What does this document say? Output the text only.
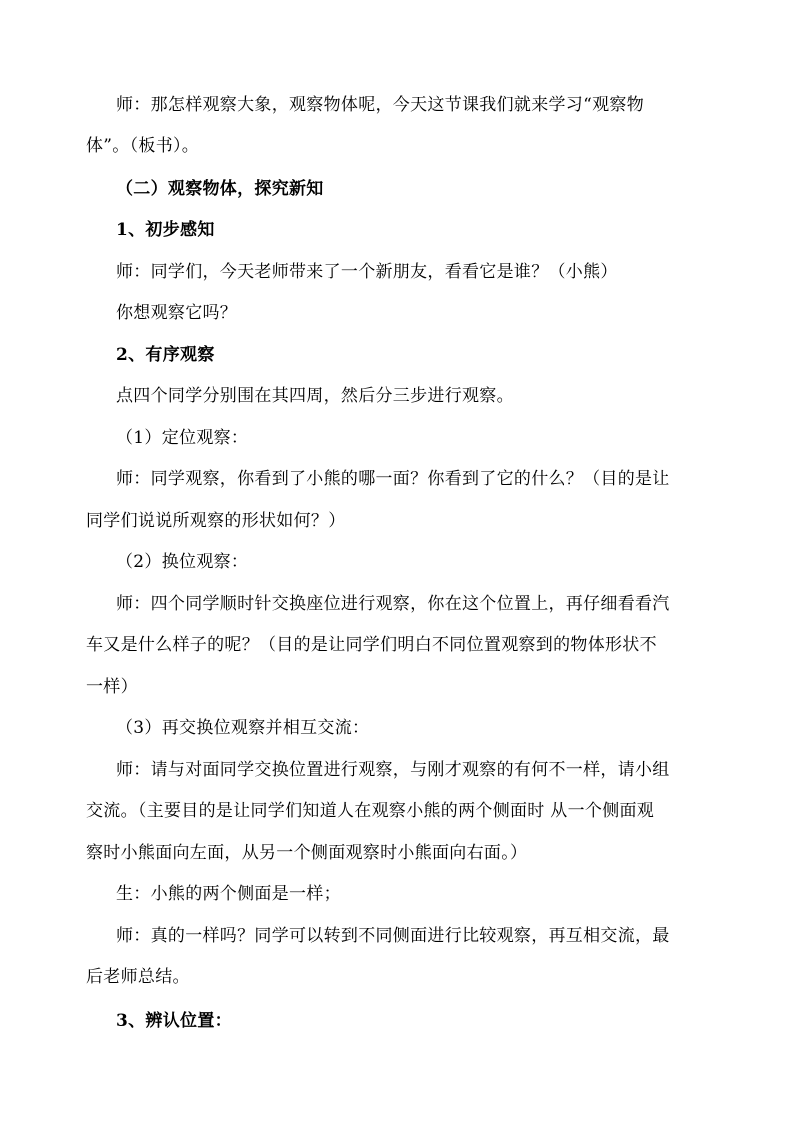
师：那怎样观察大象，观察物体呢，今天这节课我们就来学习“观察物
体”。（板书）。
（二）观察物体，探究新知
1、初步感知
师：同学们，今天老师带来了一个新朋友，看看它是谁？（小熊）
你想观察它吗？
2、有序观察
点四个同学分别围在其四周，然后分三步进行观察。
（1）定位观察：
师：同学观察，你看到了小熊的哪一面？你看到了它的什么？（目的是让
同学们说说所观察的形状如何？）
（2）换位观察：
师：四个同学顺时针交换座位进行观察，你在这个位置上，再仔细看看汽
车又是什么样子的呢？（目的是让同学们明白不同位置观察到的物体形状不
一样）
（3）再交换位观察并相互交流：
师：请与对面同学交换位置进行观察，与刚才观察的有何不一样，请小组
交流。（主要目的是让同学们知道人在观察小熊的两个侧面时 从一个侧面观
察时小熊面向左面，从另一个侧面观察时小熊面向右面。）
生：小熊的两个侧面是一样；
师：真的一样吗？同学可以转到不同侧面进行比较观察，再互相交流，最
后老师总结。
3、辨认位置：
